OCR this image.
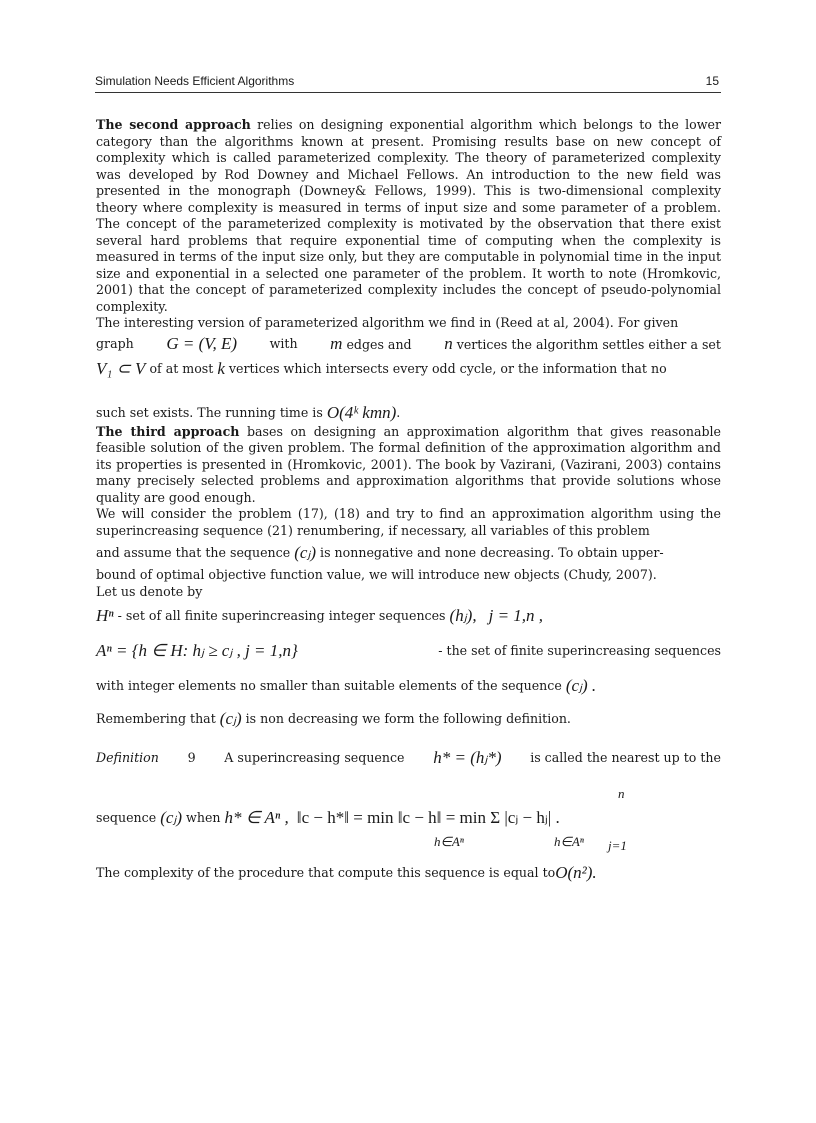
Simulation Needs Efficient Algorithms	15

The second approach relies on designing exponential algorithm which belongs to the lower category than the algorithms known at present. Promising results base on new concept of complexity which is called parameterized complexity. The theory of parameterized complexity was developed by Rod Downey and Michael Fellows. An introduction to the new field was presented in the monograph (Downey& Fellows, 1999). This is two-dimensional complexity theory where complexity is measured in terms of input size and some parameter of a problem. The concept of the parameterized complexity is motivated by the observation that there exist several hard problems that require exponential time of computing when the complexity is measured in terms of the input size only, but they are computable in polynomial time in the input size and exponential in a selected one parameter of the problem. It worth to note (Hromkovic, 2001) that the concept of parameterized complexity includes the concept of pseudo-polynomial complexity.

The interesting version of parameterized algorithm we find in (Reed at al, 2004). For given

graph G = (V, E)	with m edges and n vertices the algorithm settles either a set
V₁ ⊂ V
of at most
k
vertices which intersects every odd cycle, or the information that no
such set exists. The running time is
O(4ᵏ kmn) .

The third approach bases on designing an approximation algorithm that gives reasonable feasible solution of the given problem. The formal definition of the approximation algorithm and its properties is presented in (Hromkovic, 2001). The book by Vazirani, (Vazirani, 2003) contains many precisely selected problems and approximation algorithms that provide solutions whose quality are good enough.

We will consider the problem (17), (18) and try to find an approximation algorithm using the superincreasing sequence (21) renumbering, if necessary, all variables of this problem

and assume that the sequence
(cⱼ)
is nonnegative and none decreasing. To obtain upper-

bound of optimal objective function value, we will introduce new objects (Chudy, 2007).

Let us denote by

Hⁿ
- set of all finite superincreasing integer sequences
(hⱼ),
j = 1,n ,
Aⁿ = {h ∈ H: hⱼ ≥ cⱼ , j = 1,n}	- the set of finite superincreasing sequences
with integer elements no smaller than suitable elements of the sequence
(cⱼ) .
Remembering that
(cⱼ)
is non decreasing we form the following definition.
Definition 9 A superincreasing sequence h* = (hⱼ*) is called the nearest up to the
sequence
(cⱼ)
when
h* ∈ Aⁿ ,
‖c − h*‖ = min ‖c − h‖ = min Σ |cⱼ − hⱼ| .
h∈Aⁿ	h∈Aⁿ
n
j=1
The complexity of the procedure that compute this sequence is equal to O(n²).
